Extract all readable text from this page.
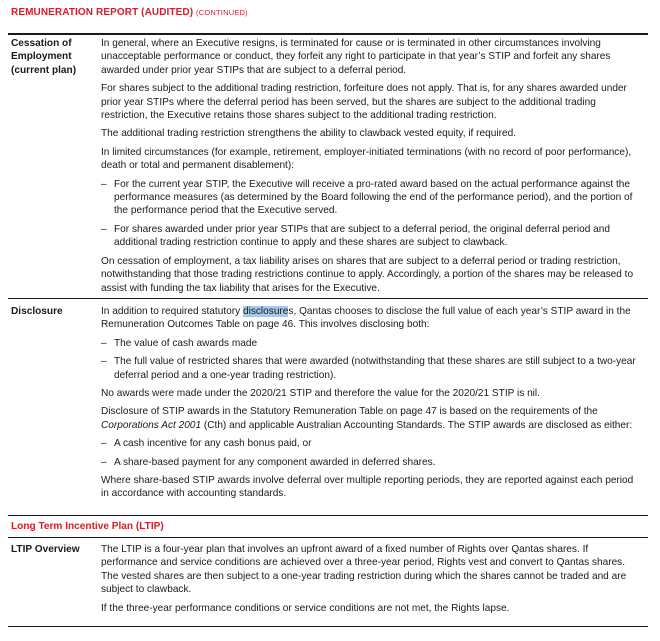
REMUNERATION REPORT (AUDITED) (CONTINUED)
Cessation of
Employment
(current plan)

In general, where an Executive resigns, is terminated for cause or is terminated in other circumstances involving unacceptable performance or conduct, they forfeit any right to participate in that year’s STIP and forfeit any shares awarded under prior year STIPs that are subject to a deferral period.

For shares subject to the additional trading restriction, forfeiture does not apply. That is, for any shares awarded under prior year STIPs where the deferral period has been served, but the shares are subject to the additional trading restriction, the Executive retains those shares subject to the additional trading restriction.

The additional trading restriction strengthens the ability to clawback vested equity, if required.

In limited circumstances (for example, retirement, employer-initiated terminations (with no record of poor performance), death or total and permanent disablement):

– For the current year STIP, the Executive will receive a pro-rated award based on the actual performance against the performance measures (as determined by the Board following the end of the performance period), and the portion of the performance period that the Executive served.
– For shares awarded under prior year STIPs that are subject to a deferral period, the original deferral period and additional trading restriction continue to apply and these shares are subject to clawback.

On cessation of employment, a tax liability arises on shares that are subject to a deferral period or trading restriction, notwithstanding that those trading restrictions continue to apply. Accordingly, a portion of the shares may be released to assist with funding the tax liability that arises for the Executive.

Disclosure	In addition to required statutory disclosures, Qantas chooses to disclose the full value of each year’s STIP award in the Remuneration Outcomes Table on page 46. This involves disclosing both:

– The value of cash awards made
– The full value of restricted shares that were awarded (notwithstanding that these shares are still subject to a two-year deferral period and a one-year trading restriction).

No awards were made under the 2020/21 STIP and therefore the value for the 2020/21 STIP is nil.

Disclosure of STIP awards in the Statutory Remuneration Table on page 47 is based on the requirements of the Corporations Act 2001 (Cth) and applicable Australian Accounting Standards. The STIP awards are disclosed as either:

– A cash incentive for any cash bonus paid, or
– A share-based payment for any component awarded in deferred shares.

Where share-based STIP awards involve deferral over multiple reporting periods, they are reported against each period in accordance with accounting standards.

Long Term Incentive Plan (LTIP)
LTIP Overview The LTIP is a four-year plan that involves an upfront award of a fixed number of Rights over Qantas shares. If performance and service conditions are achieved over a three-year period, Rights vest and convert to Qantas shares. The vested shares are then subject to a one-year trading restriction during which the shares cannot be traded and are subject to clawback.

If the three-year performance conditions or service conditions are not met, the Rights lapse.
